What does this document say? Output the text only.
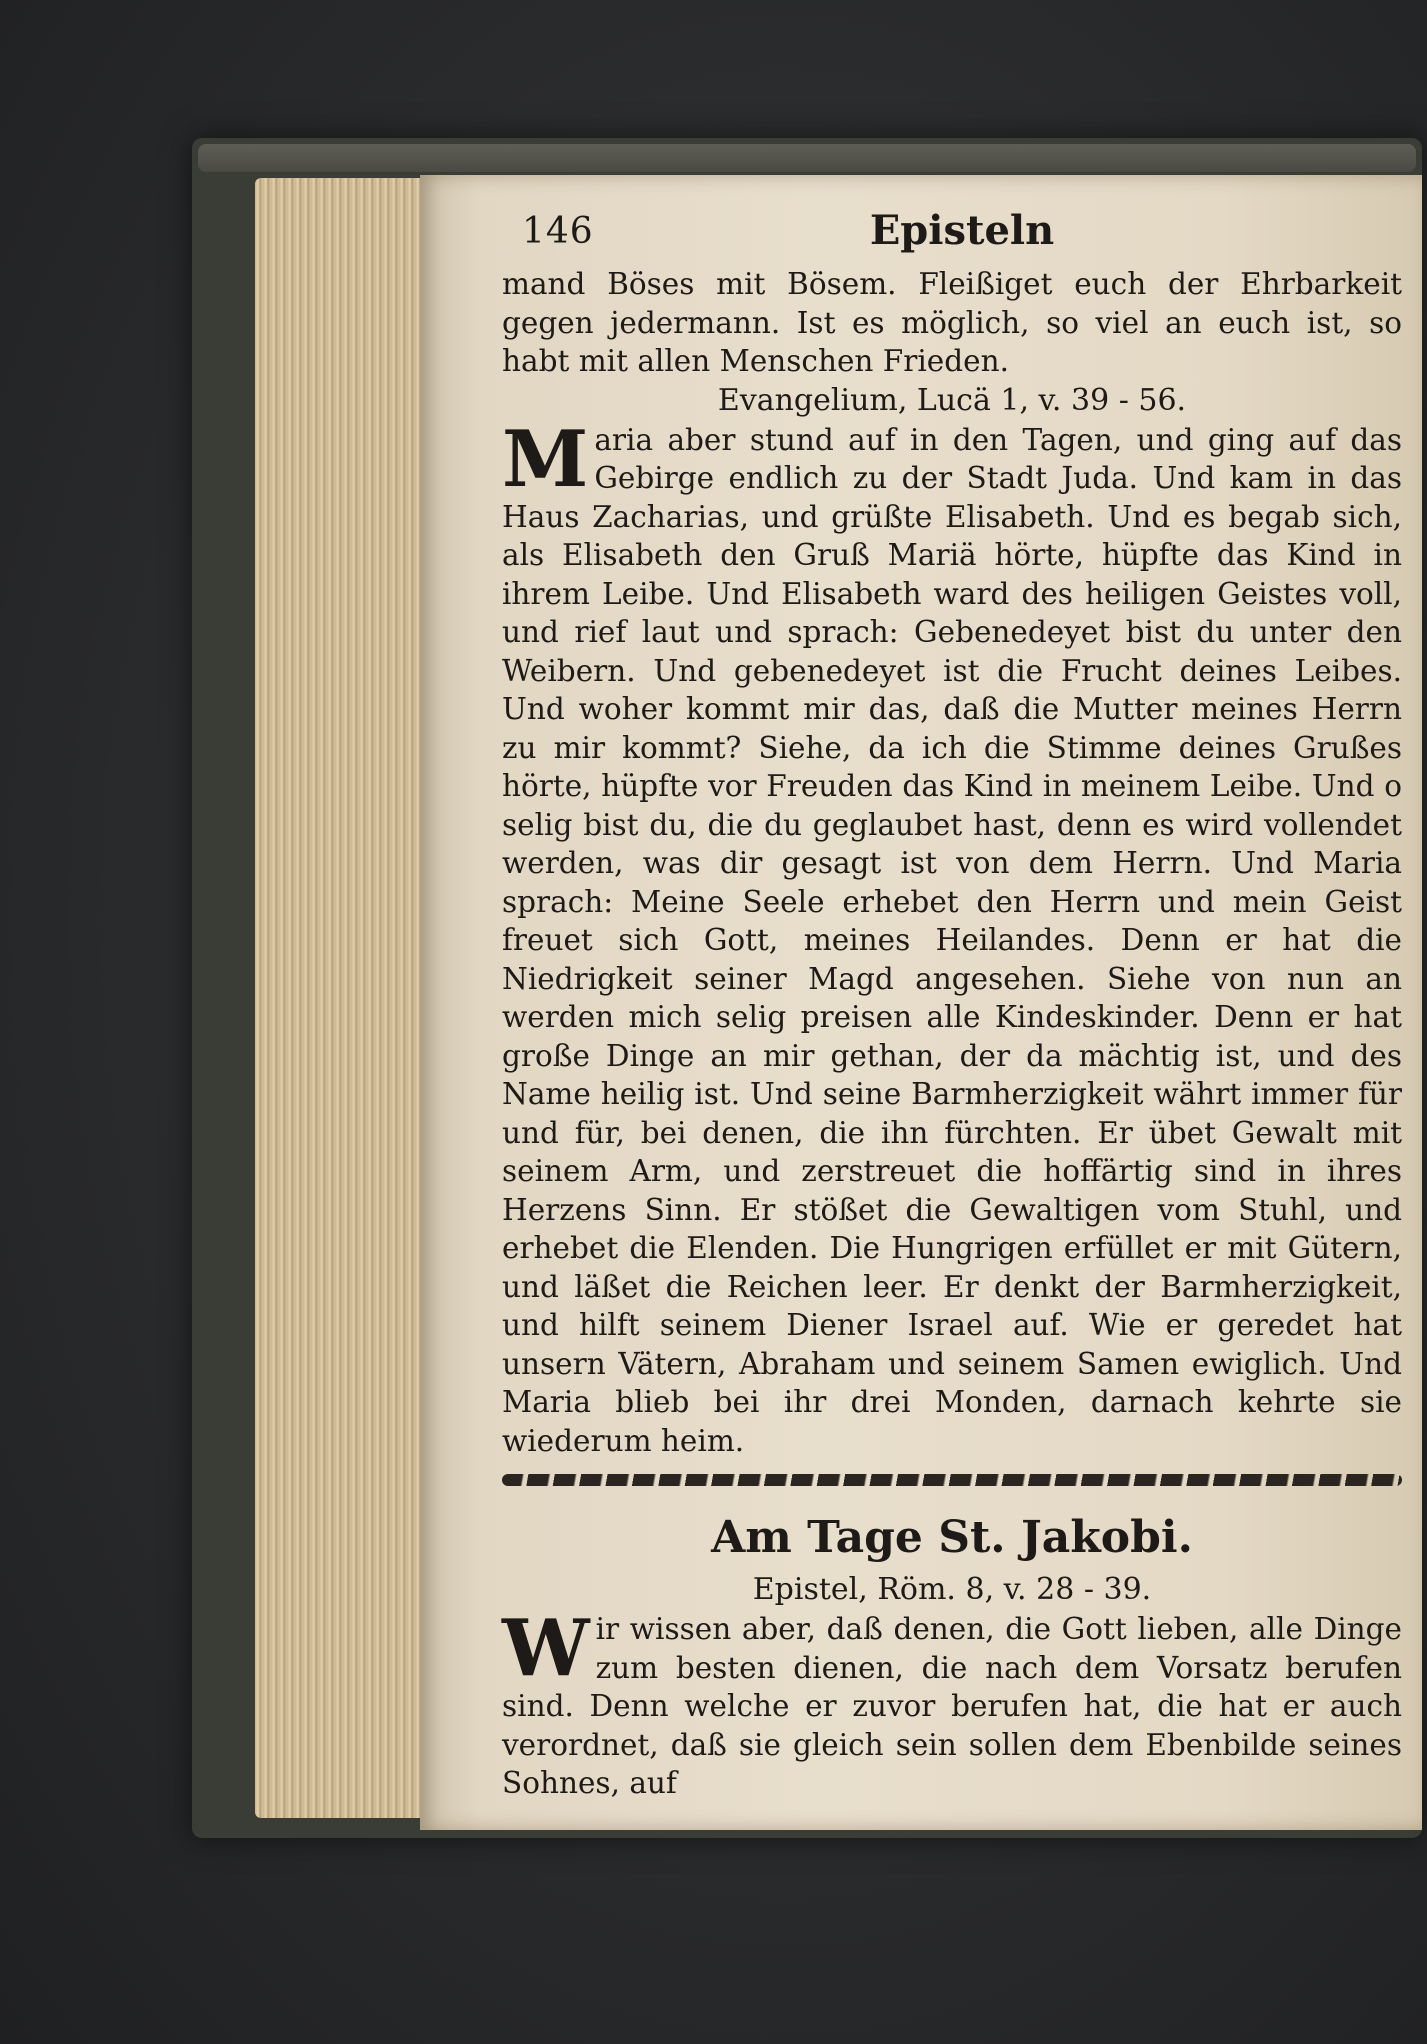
146	Episteln

mand Böses mit Bösem. Fleißiget euch der Ehrbarkeit gegen jedermann. Ist es möglich, so viel an euch ist, so habt mit allen Menschen Frieden.

Evangelium, Lucä 1, v. 39 - 56.

Maria aber stund auf in den Tagen, und ging auf das Gebirge endlich zu der Stadt Juda. Und kam in das Haus Zacharias, und grüßte Elisabeth. Und es begab sich, als Elisabeth den Gruß Mariä hörte, hüpfte das Kind in ihrem Leibe. Und Elisabeth ward des heiligen Geistes voll, und rief laut und sprach: Gebenedeyet bist du unter den Weibern. Und gebenedeyet ist die Frucht deines Leibes. Und woher kommt mir das, daß die Mutter meines Herrn zu mir kommt? Siehe, da ich die Stimme deines Grußes hörte, hüpfte vor Freuden das Kind in meinem Leibe. Und o selig bist du, die du geglaubet hast, denn es wird vollendet werden, was dir gesagt ist von dem Herrn. Und Maria sprach: Meine Seele erhebet den Herrn und mein Geist freuet sich Gott, meines Heilandes. Denn er hat die Niedrigkeit seiner Magd angesehen. Siehe von nun an werden mich selig preisen alle Kindeskinder. Denn er hat große Dinge an mir gethan, der da mächtig ist, und des Name heilig ist. Und seine Barmherzigkeit währt immer für und für, bei denen, die ihn fürchten. Er übet Gewalt mit seinem Arm, und zerstreuet die hoffärtig sind in ihres Herzens Sinn. Er stößet die Gewaltigen vom Stuhl, und erhebet die Elenden. Die Hungrigen erfüllet er mit Gütern, und läßet die Reichen leer. Er denkt der Barmherzigkeit, und hilft seinem Diener Israel auf. Wie er geredet hat unsern Vätern, Abraham und seinem Samen ewiglich. Und Maria blieb bei ihr drei Monden, darnach kehrte sie wiederum heim.

Am Tage St. Jakobi.

Epistel, Röm. 8, v. 28 - 39.

Wir wissen aber, daß denen, die Gott lieben, alle Dinge zum besten dienen, die nach dem Vorsatz berufen sind. Denn welche er zuvor berufen hat, die hat er auch verordnet, daß sie gleich sein sollen dem Ebenbilde seines Sohnes, auf
